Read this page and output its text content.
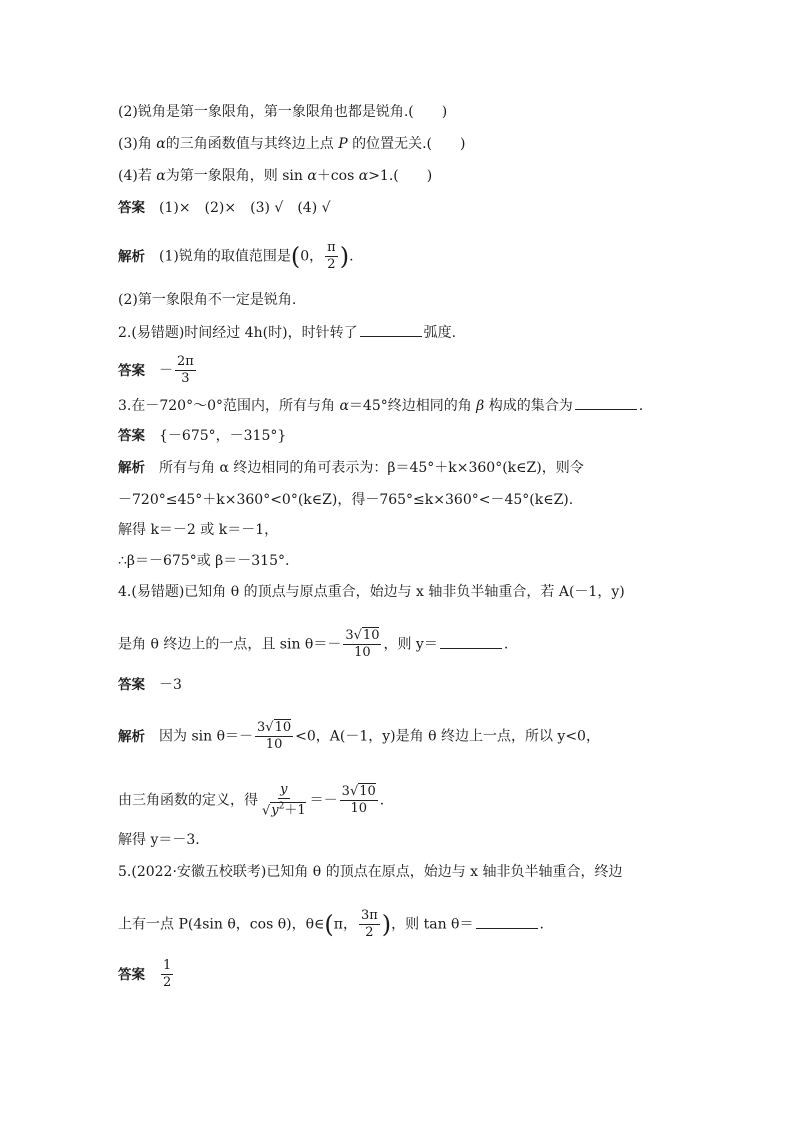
(2)锐角是第一象限角，第一象限角也都是锐角.(　　)
(3)角 α的三角函数值与其终边上点 P 的位置无关.(　　)
(4)若 α为第一象限角，则 sin α＋cos α>1.(　　)
答案 (1)×　(2)×　(3) √　(4) √
解析 (1)锐角的取值范围是(0， $\frac{\pi}{2}$ ).
(2)第一象限角不一定是锐角.
2.(易错题)时间经过 4h(时)，时针转了	弧度.
答案 － $\frac{2\pi}{3}$
3.在－720°～0°范围内，所有与角 α＝45°终边相同的角 β 构成的集合为	.
答案 {－675°，－315°}
解析 所有与角 α 终边相同的角可表示为：β＝45°＋k×360°(k∈Z)，则令
－720°≤45°＋k×360°<0°(k∈Z)，得－765°≤k×360°<－45°(k∈Z).
解得 k＝－2 或 k＝－1，
∴β＝－675°或 β＝－315°.
4.(易错题)已知角 θ 的顶点与原点重合，始边与 x 轴非负半轴重合，若 A(－1，y)
是角 θ 终边上的一点，且 $\sin \theta=- \frac{3√10}{10}$ ，则 y＝	.
答案 －3
解析 因为 $\sin \theta=- \frac{3√10}{10} <0$，A(－1，y)是角 θ 终边上一点，所以 y<0，
由三角函数的定义，得 $\frac{y}{√y^2+1} =- \frac{3√10}{10}$ .
解得 y＝－3.
5.(2022·安徽五校联考)已知角 θ 的顶点在原点，始边与 x 轴非负半轴重合，终边
上有一点 P(4sin θ，cos θ)，θ∈(π， $\frac{3\pi}{2}$ )，则 tan θ＝	.
答案 $\frac{1}{2}$
